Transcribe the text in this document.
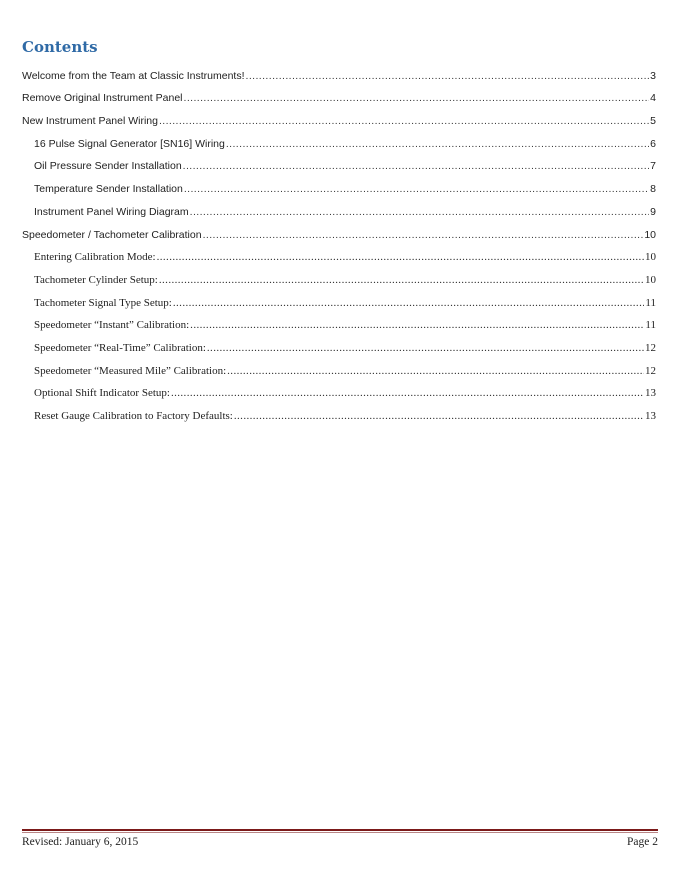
Contents
Welcome from the Team at Classic Instruments! .....	3
Remove Original Instrument Panel .....	4
New Instrument Panel Wiring .....	5
16 Pulse Signal Generator [SN16] Wiring .....	6
Oil Pressure Sender Installation .....	7
Temperature Sender Installation .....	8
Instrument Panel Wiring Diagram .....	9
Speedometer / Tachometer Calibration .....	10
Entering Calibration Mode: .....	10
Tachometer Cylinder Setup: .....	10
Tachometer Signal Type Setup: .....	11
Speedometer “Instant” Calibration: .....	11
Speedometer “Real-Time” Calibration: .....	12
Speedometer “Measured Mile” Calibration: .....	12
Optional Shift Indicator Setup: .....	13
Reset Gauge Calibration to Factory Defaults: .....	13
Revised: January 6, 2015	Page 2
